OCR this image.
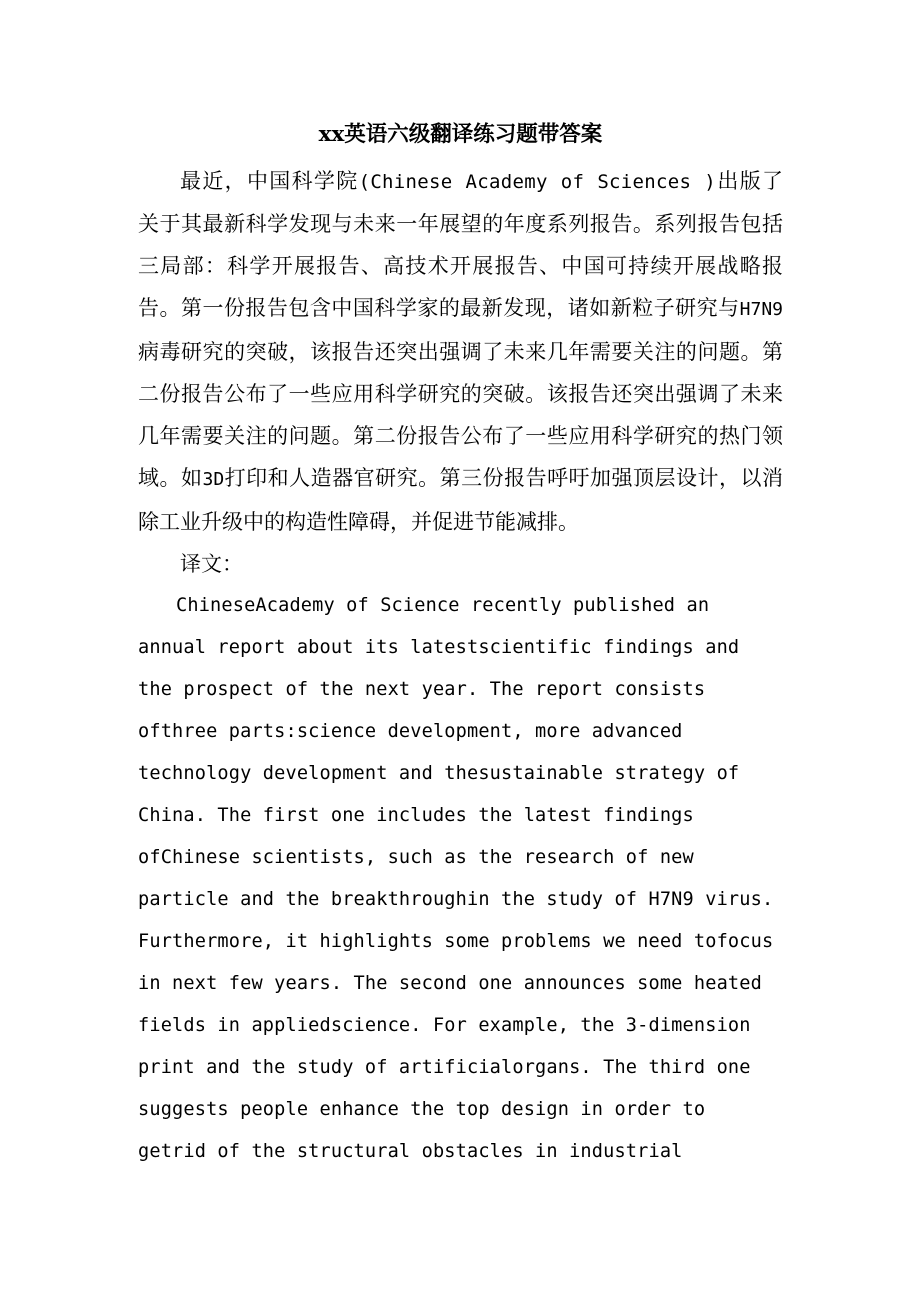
xx英语六级翻译练习题带答案

最近，中国科学院(Chinese Academy of Sciences )出版了关于其最新科学发现与未来一年展望的年度系列报告。系列报告包括三局部：科学开展报告、高技术开展报告、中国可持续开展战略报告。第一份报告包含中国科学家的最新发现，诸如新粒子研究与H7N9病毒研究的突破，该报告还突出强调了未来几年需要关注的问题。第二份报告公布了一些应用科学研究的突破。该报告还突出强调了未来几年需要关注的问题。第二份报告公布了一些应用科学研究的热门领域。如3D打印和人造器官研究。第三份报告呼吁加强顶层设计，以消除工业升级中的构造性障碍，并促进节能减排。

译文：

ChineseAcademy of Science recently published an annual report about its latestscientific findings and the prospect of the next year. The report consists ofthree parts:science development, more advanced technology development and thesustainable strategy of China. The first one includes the latest findings ofChinese scientists, such as the research of new particle and the breakthroughin the study of H7N9 virus. Furthermore, it highlights some problems we need tofocus in next few years. The second one announces some heated fields in appliedscience. For example, the 3-dimension print and the study of artificialorgans. The third one suggests people enhance the top design in order to getrid of the structural obstacles in industrial
